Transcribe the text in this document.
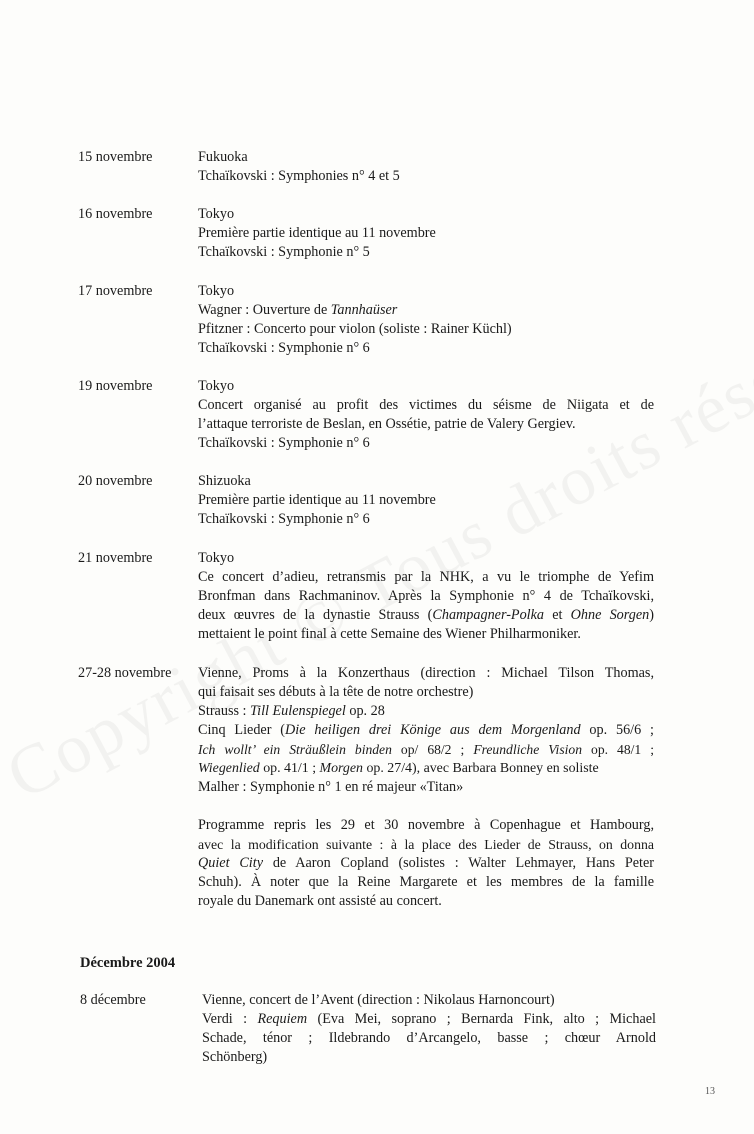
15 novembre	Fukuoka
Tchaïkovski : Symphonies n° 4 et 5
16 novembre	Tokyo
Première partie identique au 11 novembre
Tchaïkovski : Symphonie n° 5
17 novembre	Tokyo
Wagner : Ouverture de Tannhaüser
Pfitzner : Concerto pour violon (soliste : Rainer Küchl)
Tchaïkovski : Symphonie n° 6
19 novembre	Tokyo
Concert organisé au profit des victimes du séisme de Niigata et de
l’attaque terroriste de Beslan, en Ossétie, patrie de Valery Gergiev.
Tchaïkovski : Symphonie n° 6
20 novembre	Shizuoka
Première partie identique au 11 novembre
Tchaïkovski : Symphonie n° 6
21 novembre	Tokyo
Ce concert d’adieu, retransmis par la NHK, a vu le triomphe de Yefim
Bronfman dans Rachmaninov. Après la Symphonie n° 4 de Tchaïkovski,
deux œuvres de la dynastie Strauss (Champagner-Polka et Ohne Sorgen)
mettaient le point final à cette Semaine des Wiener Philharmoniker.
27-28 novembre	Vienne, Proms à la Konzerthaus (direction : Michael Tilson Thomas,
qui faisait ses débuts à la tête de notre orchestre)
Strauss : Till Eulenspiegel op. 28
Cinq Lieder (Die heiligen drei Könige aus dem Morgenland op. 56/6 ;
Ich wollt’ ein Sträußlein binden op/ 68/2 ; Freundliche Vision op. 48/1 ;
Wiegenlied op. 41/1 ; Morgen op. 27/4), avec Barbara Bonney en soliste
Malher : Symphonie n° 1 en ré majeur «Titan»
Programme repris les 29 et 30 novembre à Copenhague et Hambourg,
avec la modification suivante : à la place des Lieder de Strauss, on donna
Quiet City de Aaron Copland (solistes : Walter Lehmayer, Hans Peter
Schuh). À noter que la Reine Margarete et les membres de la famille
royale du Danemark ont assisté au concert.
Décembre 2004
8 décembre	Vienne, concert de l’Avent (direction : Nikolaus Harnoncourt)
Verdi : Requiem (Eva Mei, soprano ; Bernarda Fink, alto ; Michael
Schade, ténor ; Ildebrando d’Arcangelo, basse ; chœur Arnold
Schönberg)
13
